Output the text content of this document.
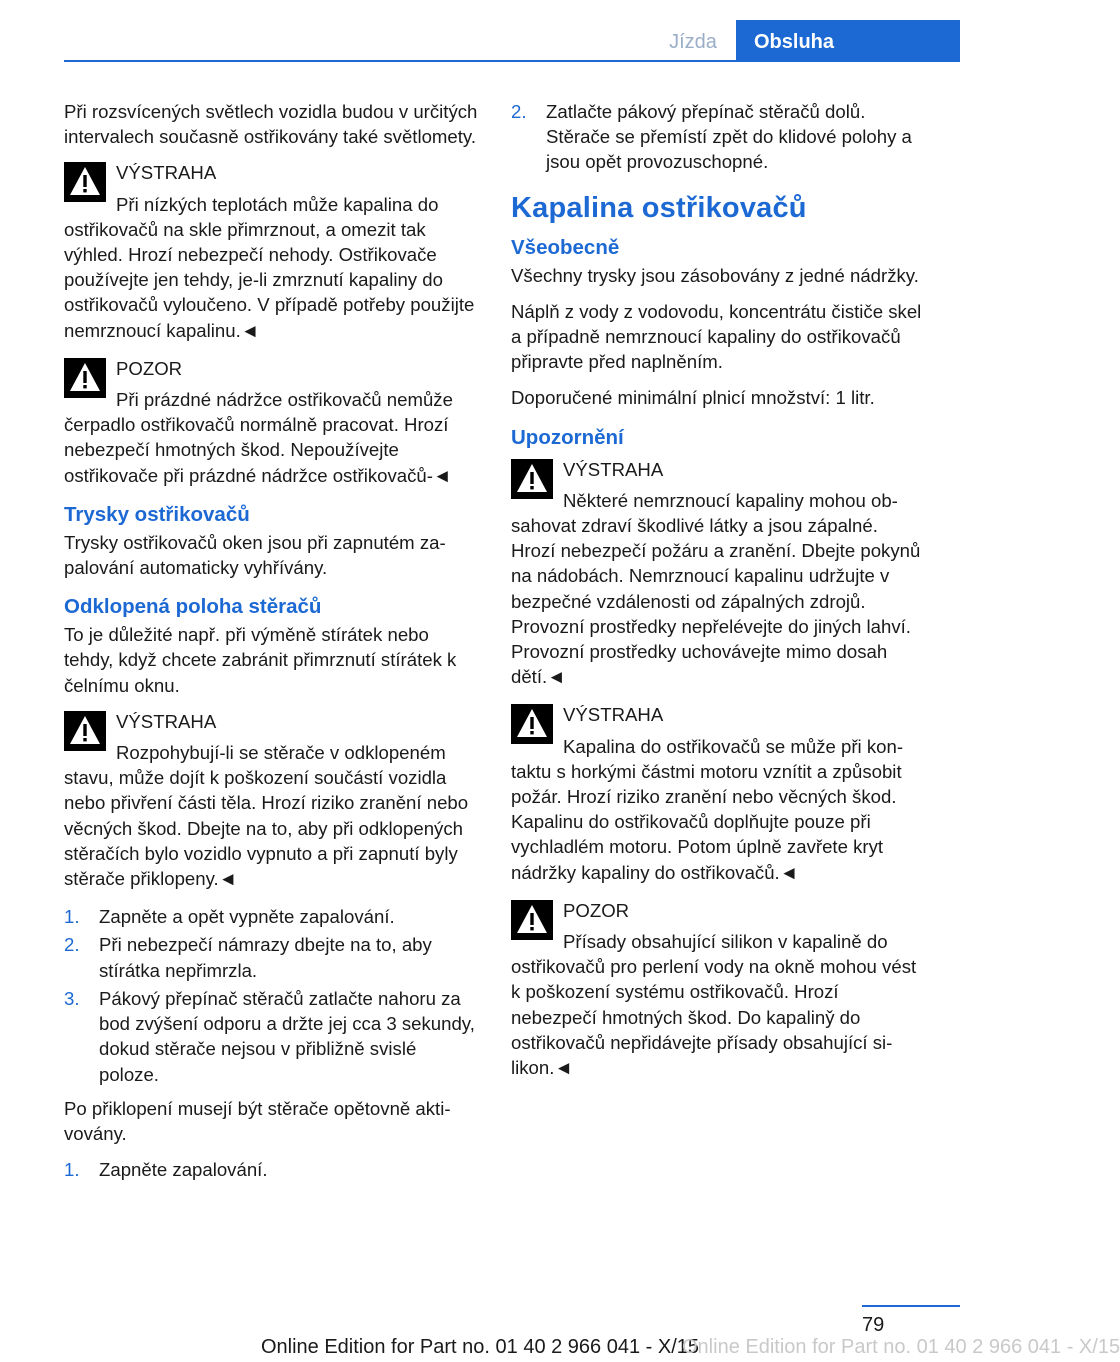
Jízda	Obsluha

Při rozsvícených světlech vozidla budou v určitých intervalech současně ostřikovány také světlomety.

VÝSTRAHA
Při nízkých teplotách může kapalina do ostřikovačů na skle přimrznout, a omezit tak výhled. Hrozí nebezpečí nehody. Ostřikovače používejte jen tehdy, je-li zmrznutí kapaliny do ostřikovačů vyloučeno. V případě potřeby použijte nemrznoucí kapalinu.◄
POZOR
Při prázdné nádržce ostřikovačů nemůže čerpadlo ostřikovačů normálně pracovat. Hrozí nebezpečí hmotných škod. Nepoužívejte ostřikovače při prázdné nádržce ostřikovačů-◄
Trysky ostřikovačů

Trysky ostřikovačů oken jsou při zapnutém zapalování automaticky vyhřívány.

Odklopená poloha stěračů

To je důležité např. při výměně stírátek nebo tehdy, když chcete zabránit přimrznutí stírátek k čelnímu oknu.

VÝSTRAHA
Rozpohybují-li se stěrače v odklopeném stavu, může dojít k poškození součástí vozidla nebo přivření části těla. Hrozí riziko zranění nebo věcných škod. Dbejte na to, aby při odklopených stěračích bylo vozidlo vypnuto a při zapnutí byly stěrače přiklopeny.◄
1. Zapněte a opět vypněte zapalování.
2. Při nebezpečí námrazy dbejte na to, aby stírátka nepřimrzla.
3. Pákový přepínač stěračů zatlačte nahoru za bod zvýšení odporu a držte jej cca 3 sekundy, dokud stěrače nejsou v přibližně svislé poloze.

Po přiklopení musejí být stěrače opětovně aktivovány.

1. Zapněte zapalování.
2. Zatlačte pákový přepínač stěračů dolů. Stěrače se přemístí zpět do klidové polohy a jsou opět provozuschopné.
Kapalina ostřikovačů
Všeobecně

Všechny trysky jsou zásobovány z jedné nádržky.

Náplň z vody z vodovodu, koncentrátu čističe skel a případně nemrznoucí kapaliny do ostřikovačů připravte před naplněním.

Doporučené minimální plnicí množství: 1 litr.

Upozornění
VÝSTRAHA
Některé nemrznoucí kapaliny mohou obsahovat zdraví škodlivé látky a jsou zápalné. Hrozí nebezpečí požáru a zranění. Dbejte pokynů na nádobách. Nemrznoucí kapalinu udržujte v bezpečné vzdálenosti od zápalných zdrojů. Provozní prostředky nepřelévejte do jiných lahví. Provozní prostředky uchovávejte mimo dosah dětí.◄
VÝSTRAHA
Kapalina do ostřikovačů se může při kontaktu s horkými částmi motoru vznítit a způsobit požár. Hrozí riziko zranění nebo věcných škod. Kapalinu do ostřikovačů doplňujte pouze při vychladlém motoru. Potom úplně zavřete kryt nádržky kapaliny do ostřikovačů.◄
POZOR
Přísady obsahující silikon v kapalině do ostřikovačů pro perlení vody na okně mohou vést k poškození systému ostřikovačů. Hrozí nebezpečí hmotných škod. Do kapaliny̌ do ostřikovačů nepřidávejte přísady obsahující silikon.◄
79
Online Edition for Part no. 01 40 2 966 041 - X/15
Online Edition for Part no. 01 40 2 966 041 - X/15
